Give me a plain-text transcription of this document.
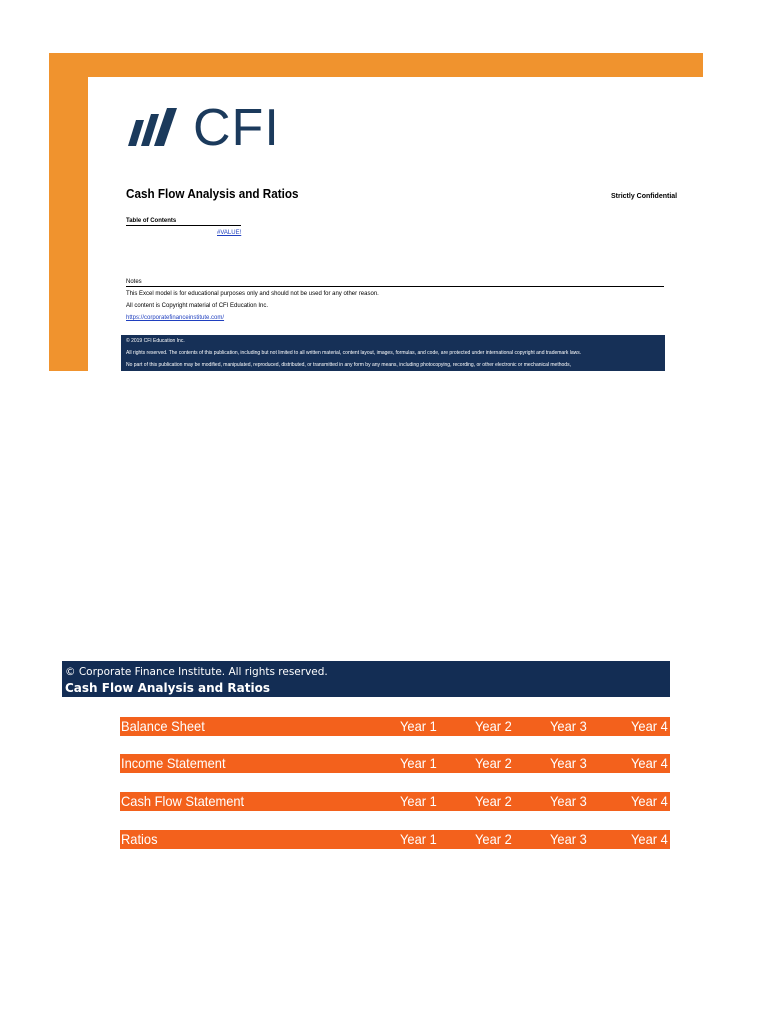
CFI
Cash Flow Analysis and Ratios	Strictly Confidential
Table of Contents
#VALUE!
Notes
This Excel model is for educational purposes only and should not be used for any other reason.
All content is Copyright material of CFI Education Inc.
https://corporatefinanceinstitute.com/
© 2019 CFI Education Inc.
All rights reserved. The contents of this publication, including but not limited to all written material, content layout, images, formulas, and code, are protected under international copyright and trademark laws.
No part of this publication may be modified, manipulated, reproduced, distributed, or transmitted in any form by any means, including photocopying, recording, or other electronic or mechanical methods,
© Corporate Finance Institute. All rights reserved.
Cash Flow Analysis and Ratios
Balance Sheet	Year 1	Year 2	Year 3	Year 4
Income Statement	Year 1	Year 2	Year 3	Year 4
Cash Flow Statement	Year 1	Year 2	Year 3	Year 4
Ratios	Year 1	Year 2	Year 3	Year 4
